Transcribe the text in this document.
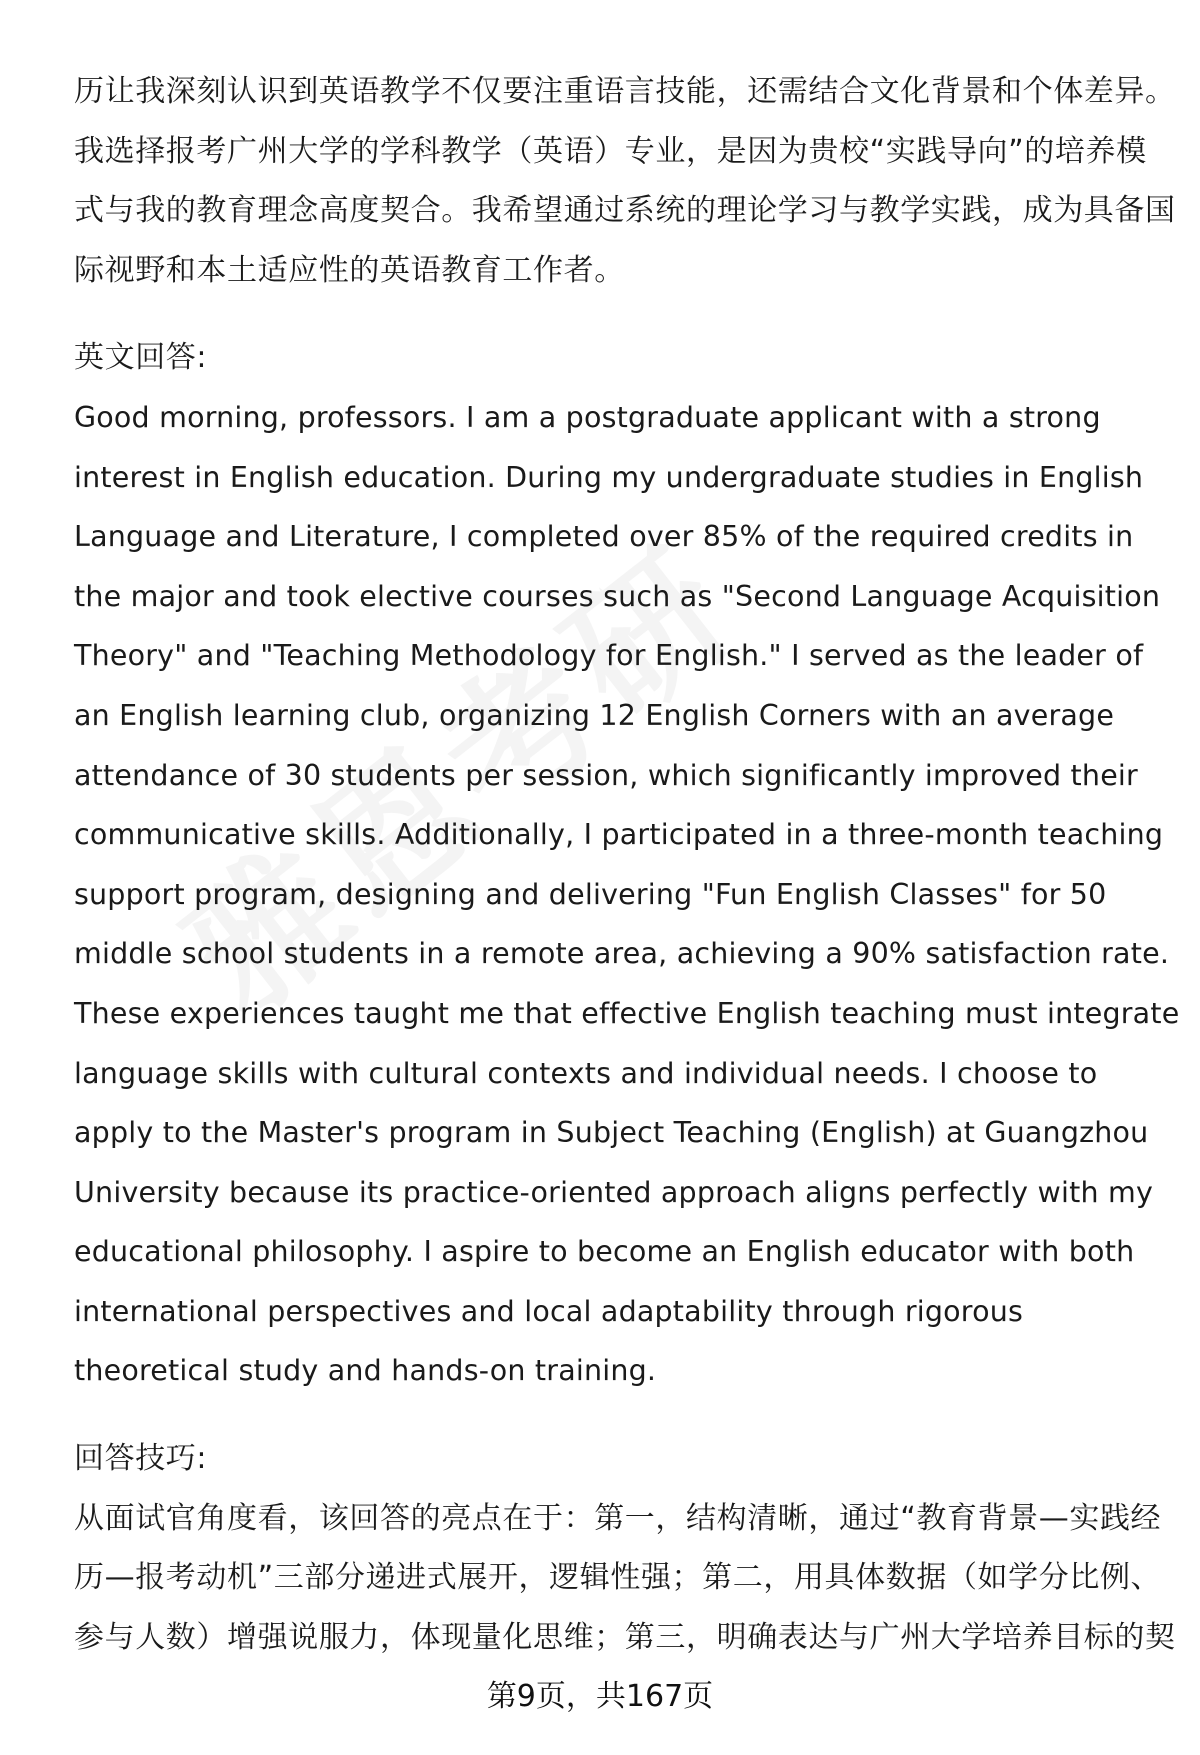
历让我深刻认识到英语教学不仅要注重语言技能，还需结合文化背景和个体差异。
我选择报考广州大学的学科教学（英语）专业，是因为贵校“实践导向”的培养模
式与我的教育理念高度契合。我希望通过系统的理论学习与教学实践，成为具备国
际视野和本土适应性的英语教育工作者。

英文回答:

Good morning, professors. I am a postgraduate applicant with a strong
interest in English education. During my undergraduate studies in English
Language and Literature, I completed over 85% of the required credits in
the major and took elective courses such as "Second Language Acquisition
Theory" and "Teaching Methodology for English." I served as the leader of
an English learning club, organizing 12 English Corners with an average
attendance of 30 students per session, which significantly improved their
communicative skills. Additionally, I participated in a three-month teaching
support program, designing and delivering "Fun English Classes" for 50
middle school students in a remote area, achieving a 90% satisfaction rate.
These experiences taught me that effective English teaching must integrate
language skills with cultural contexts and individual needs. I choose to
apply to the Master's program in Subject Teaching (English) at Guangzhou
University because its practice-oriented approach aligns perfectly with my
educational philosophy. I aspire to become an English educator with both
international perspectives and local adaptability through rigorous
theoretical study and hands-on training.

回答技巧:

从面试官角度看，该回答的亮点在于：第一，结构清晰，通过“教育背景—实践经
历—报考动机”三部分递进式展开，逻辑性强；第二，用具体数据（如学分比例、
参与人数）增强说服力，体现量化思维；第三，明确表达与广州大学培养目标的契
第9页，共167页
